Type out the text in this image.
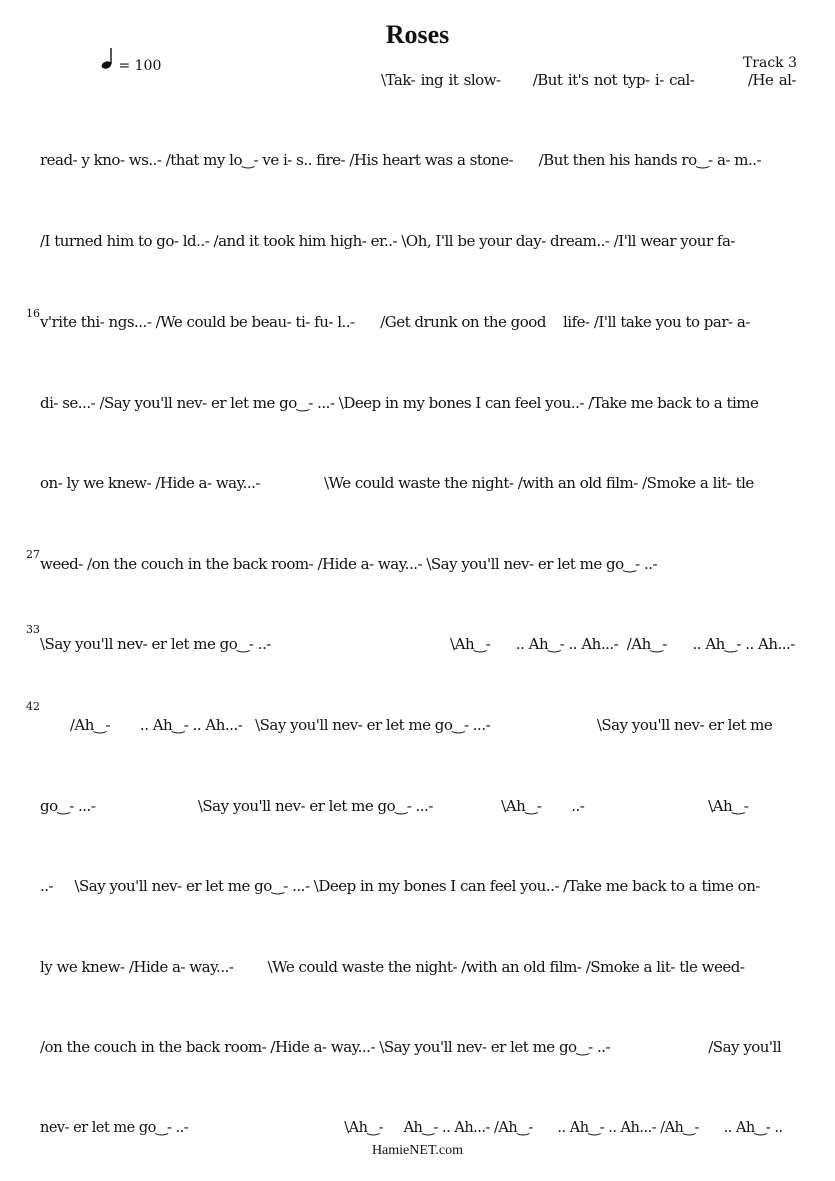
Roses
= 100	Track 3
\Tak- ing it slow-      /But it's not typ- i- cal-          /He al-
read- y kno- ws..- /that my lo‿- ve i- s.. fire- /His heart was a stone-      /But then his hands ro‿- a- m..-
/I turned him to go- ld..- /and it took him high- er..- \Oh, I'll be your day- dream..- /I'll wear your fa-
16 v'rite thi- ngs...- /We could be beau- ti- fu- l..-      /Get drunk on the good    life- /I'll take you to par- a-
di- se...- /Say you'll nev- er let me go‿- ...- \Deep in my bones I can feel you..- /Take me back to a time
on- ly we knew- /Hide a- way...-               \We could waste the night- /with an old film- /Smoke a lit- tle
27
weed- /on the couch in the back room- /Hide a- way...- \Say you'll nev- er let me go‿- ..-
33
\Say you'll nev- er let me go‿- ..-                                          \Ah‿-      .. Ah‿- .. Ah...-  /Ah‿-      .. Ah‿- .. Ah...-
42
/Ah‿-       .. Ah‿- .. Ah...-   \Say you'll nev- er let me go‿- ...-                         \Say you'll nev- er let me
go‿- ...-                        \Say you'll nev- er let me go‿- ...-                \Ah‿-       ..-                             \Ah‿-
..-     \Say you'll nev- er let me go‿- ...- \Deep in my bones I can feel you..- /Take me back to a time on-
ly we knew- /Hide a- way...-        \We could waste the night- /with an old film- /Smoke a lit- tle weed-
/on the couch in the back room- /Hide a- way...- \Say you'll nev- er let me go‿- ..-                       /Say you'll
nev- er let me go‿- ..-                                      \Ah‿-     Ah‿- .. Ah...- /Ah‿-      .. Ah‿- .. Ah...- /Ah‿-      .. Ah‿- ..
HamieNET.com
